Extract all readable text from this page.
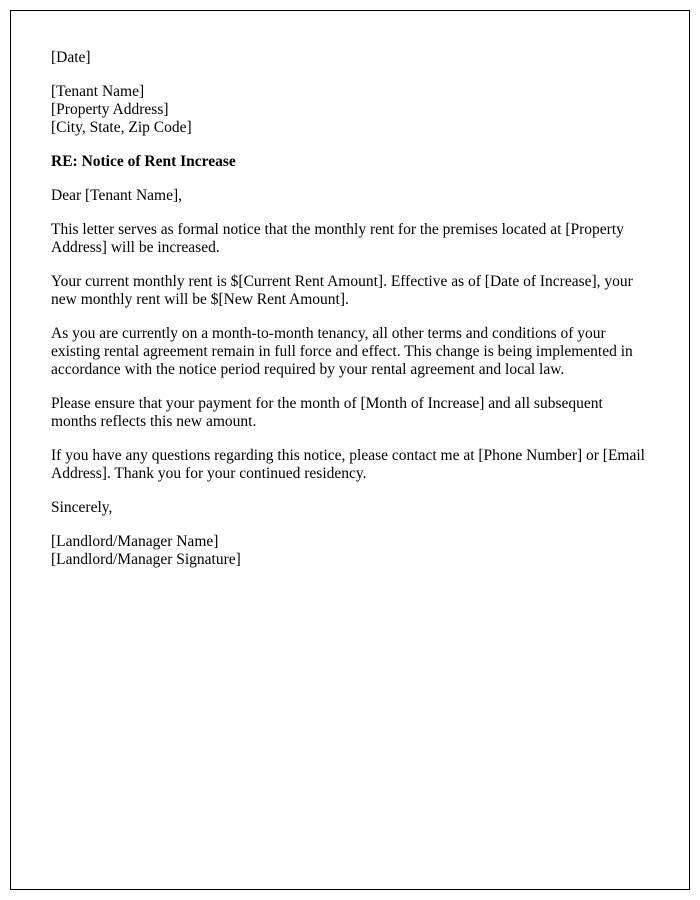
[Date]
[Tenant Name]
[Property Address]
[City, State, Zip Code]
RE: Notice of Rent Increase
Dear [Tenant Name],

This letter serves as formal notice that the monthly rent for the premises located at [Property Address] will be increased.

Your current monthly rent is $[Current Rent Amount]. Effective as of [Date of Increase], your new monthly rent will be $[New Rent Amount].

As you are currently on a month-to-month tenancy, all other terms and conditions of your existing rental agreement remain in full force and effect. This change is being implemented in accordance with the notice period required by your rental agreement and local law.

Please ensure that your payment for the month of [Month of Increase] and all subsequent months reflects this new amount.

If you have any questions regarding this notice, please contact me at [Phone Number] or [Email Address]. Thank you for your continued residency.

Sincerely,
[Landlord/Manager Name]
[Landlord/Manager Signature]
